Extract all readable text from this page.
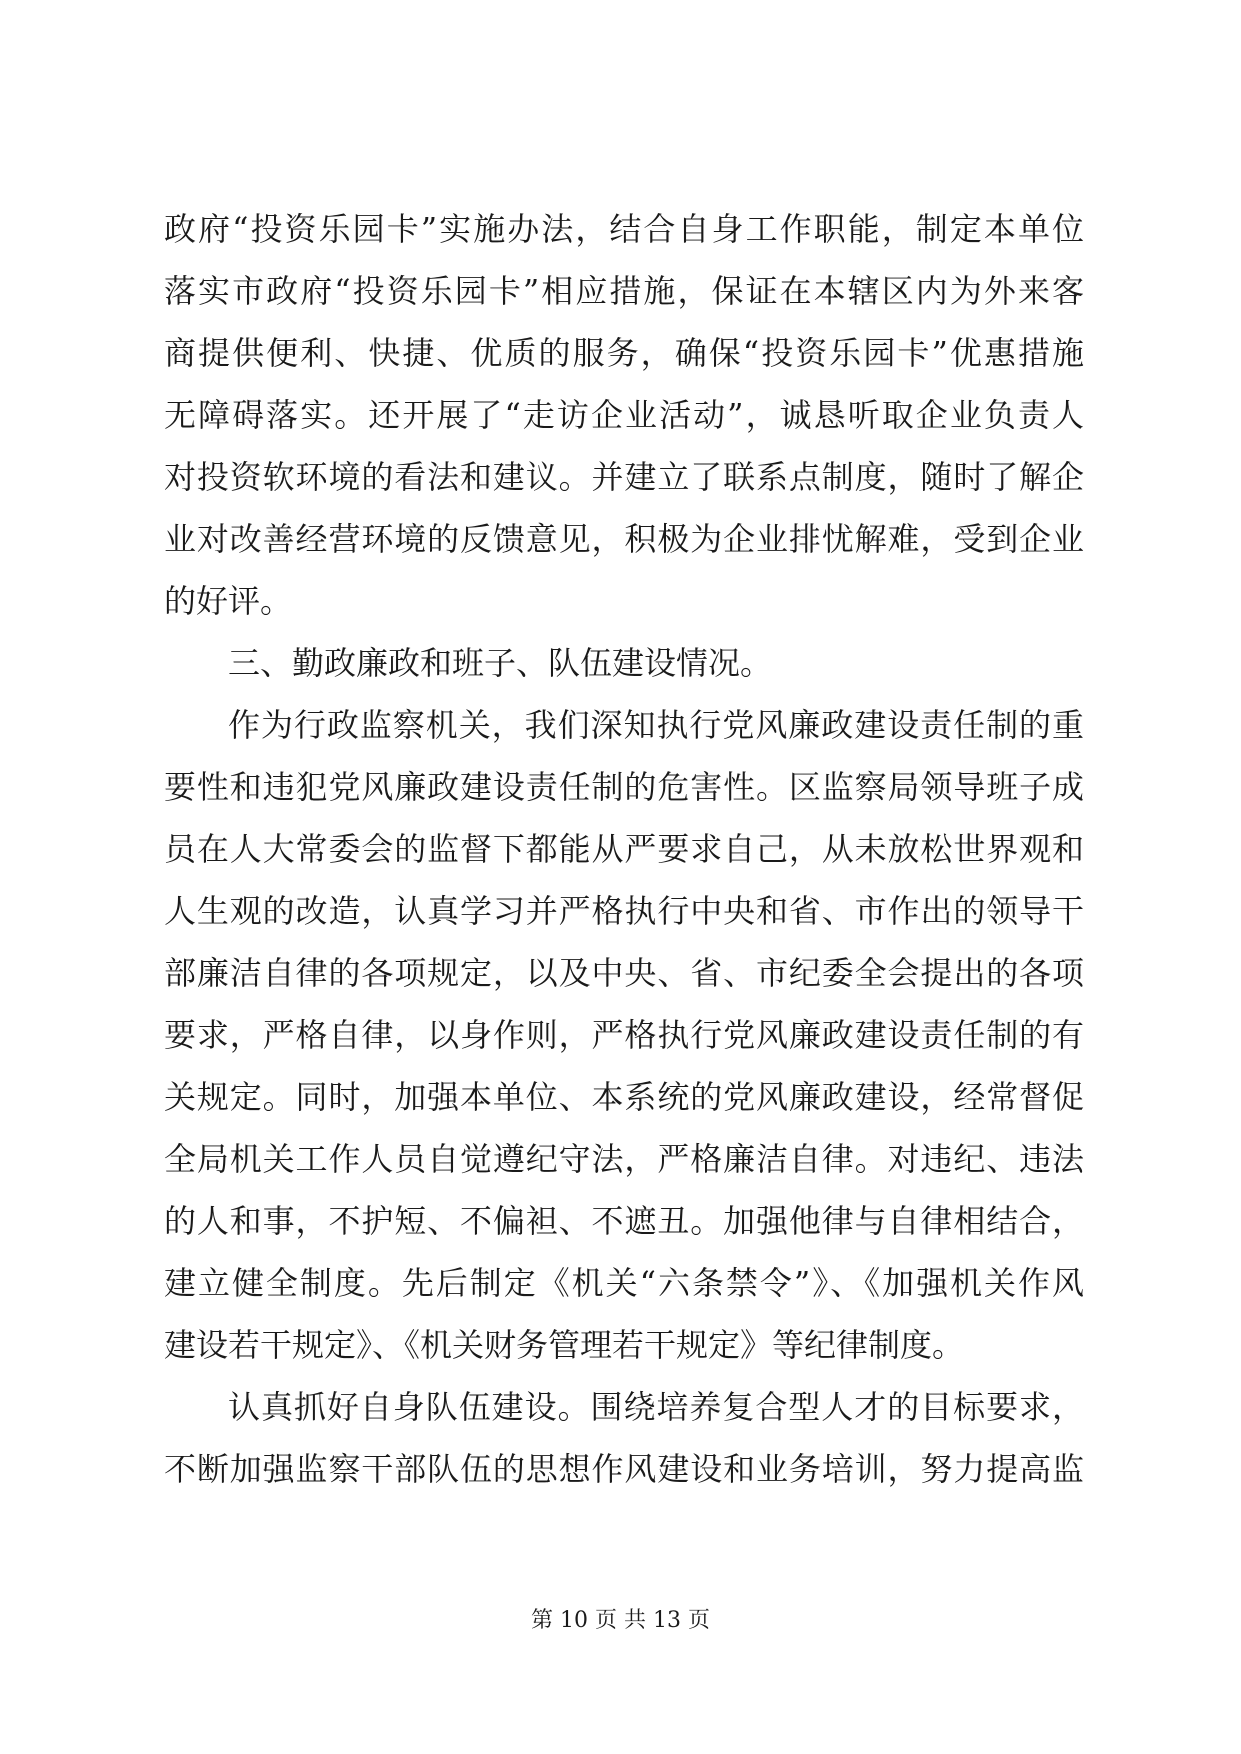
政府“投资乐园卡”实施办法，结合自身工作职能，制定本单位
落实市政府“投资乐园卡”相应措施，保证在本辖区内为外来客
商提供便利、快捷、优质的服务，确保“投资乐园卡”优惠措施
无障碍落实。还开展了“走访企业活动”，诚恳听取企业负责人
对投资软环境的看法和建议。并建立了联系点制度，随时了解企
业对改善经营环境的反馈意见，积极为企业排忧解难，受到企业
的好评。
三、勤政廉政和班子、队伍建设情况。
作为行政监察机关，我们深知执行党风廉政建设责任制的重
要性和违犯党风廉政建设责任制的危害性。区监察局领导班子成
员在人大常委会的监督下都能从严要求自己，从未放松世界观和
人生观的改造，认真学习并严格执行中央和省、市作出的领导干
部廉洁自律的各项规定，以及中央、省、市纪委全会提出的各项
要求，严格自律，以身作则，严格执行党风廉政建设责任制的有
关规定。同时，加强本单位、本系统的党风廉政建设，经常督促
全局机关工作人员自觉遵纪守法，严格廉洁自律。对违纪、违法
的人和事，不护短、不偏袒、不遮丑。加强他律与自律相结合，
建立健全制度。先后制定《机关“六条禁令”》、《加强机关作风
建设若干规定》、《机关财务管理若干规定》等纪律制度。
认真抓好自身队伍建设。围绕培养复合型人才的目标要求，
不断加强监察干部队伍的思想作风建设和业务培训，努力提高监
第 10 页 共 13 页
